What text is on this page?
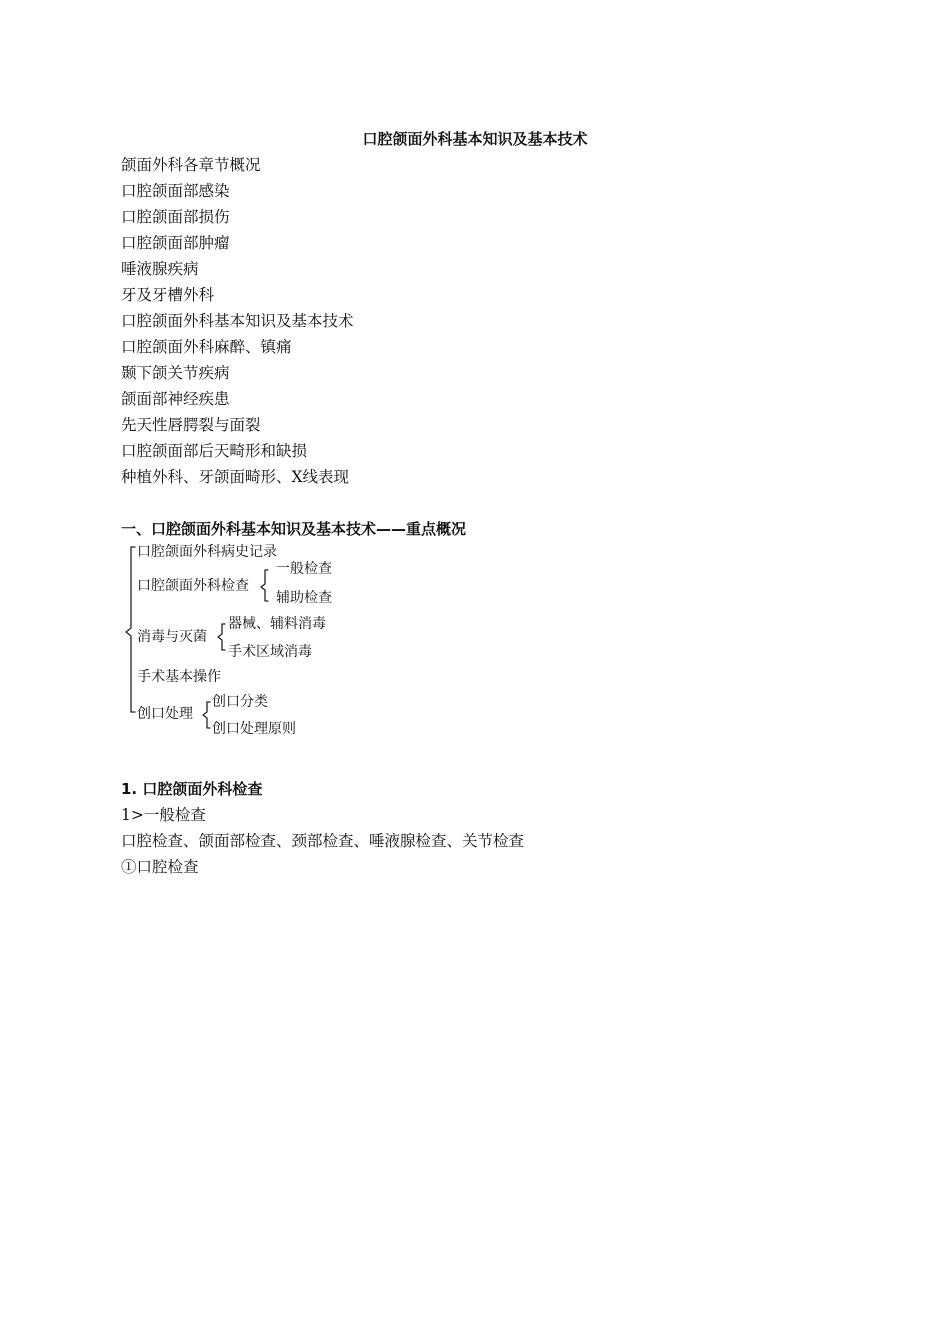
口腔颌面外科基本知识及基本技术
颌面外科各章节概况
口腔颌面部感染
口腔颌面部损伤
口腔颌面部肿瘤
唾液腺疾病
牙及牙槽外科
口腔颌面外科基本知识及基本技术
口腔颌面外科麻醉、镇痛
颞下颌关节疾病
颌面部神经疾患
先天性唇腭裂与面裂
口腔颌面部后天畸形和缺损
种植外科、牙颌面畸形、X线表现
一、口腔颌面外科基本知识及基本技术——重点概况
口腔颌面外科病史记录
口腔颌面外科检查
一般检查
辅助检查
消毒与灭菌
器械、辅料消毒
手术区域消毒
手术基本操作
创口处理
创口分类
创口处理原则
1. 口腔颌面外科检查

1>一般检查

口腔检查、颌面部检查、颈部检查、唾液腺检查、关节检查

①口腔检查
